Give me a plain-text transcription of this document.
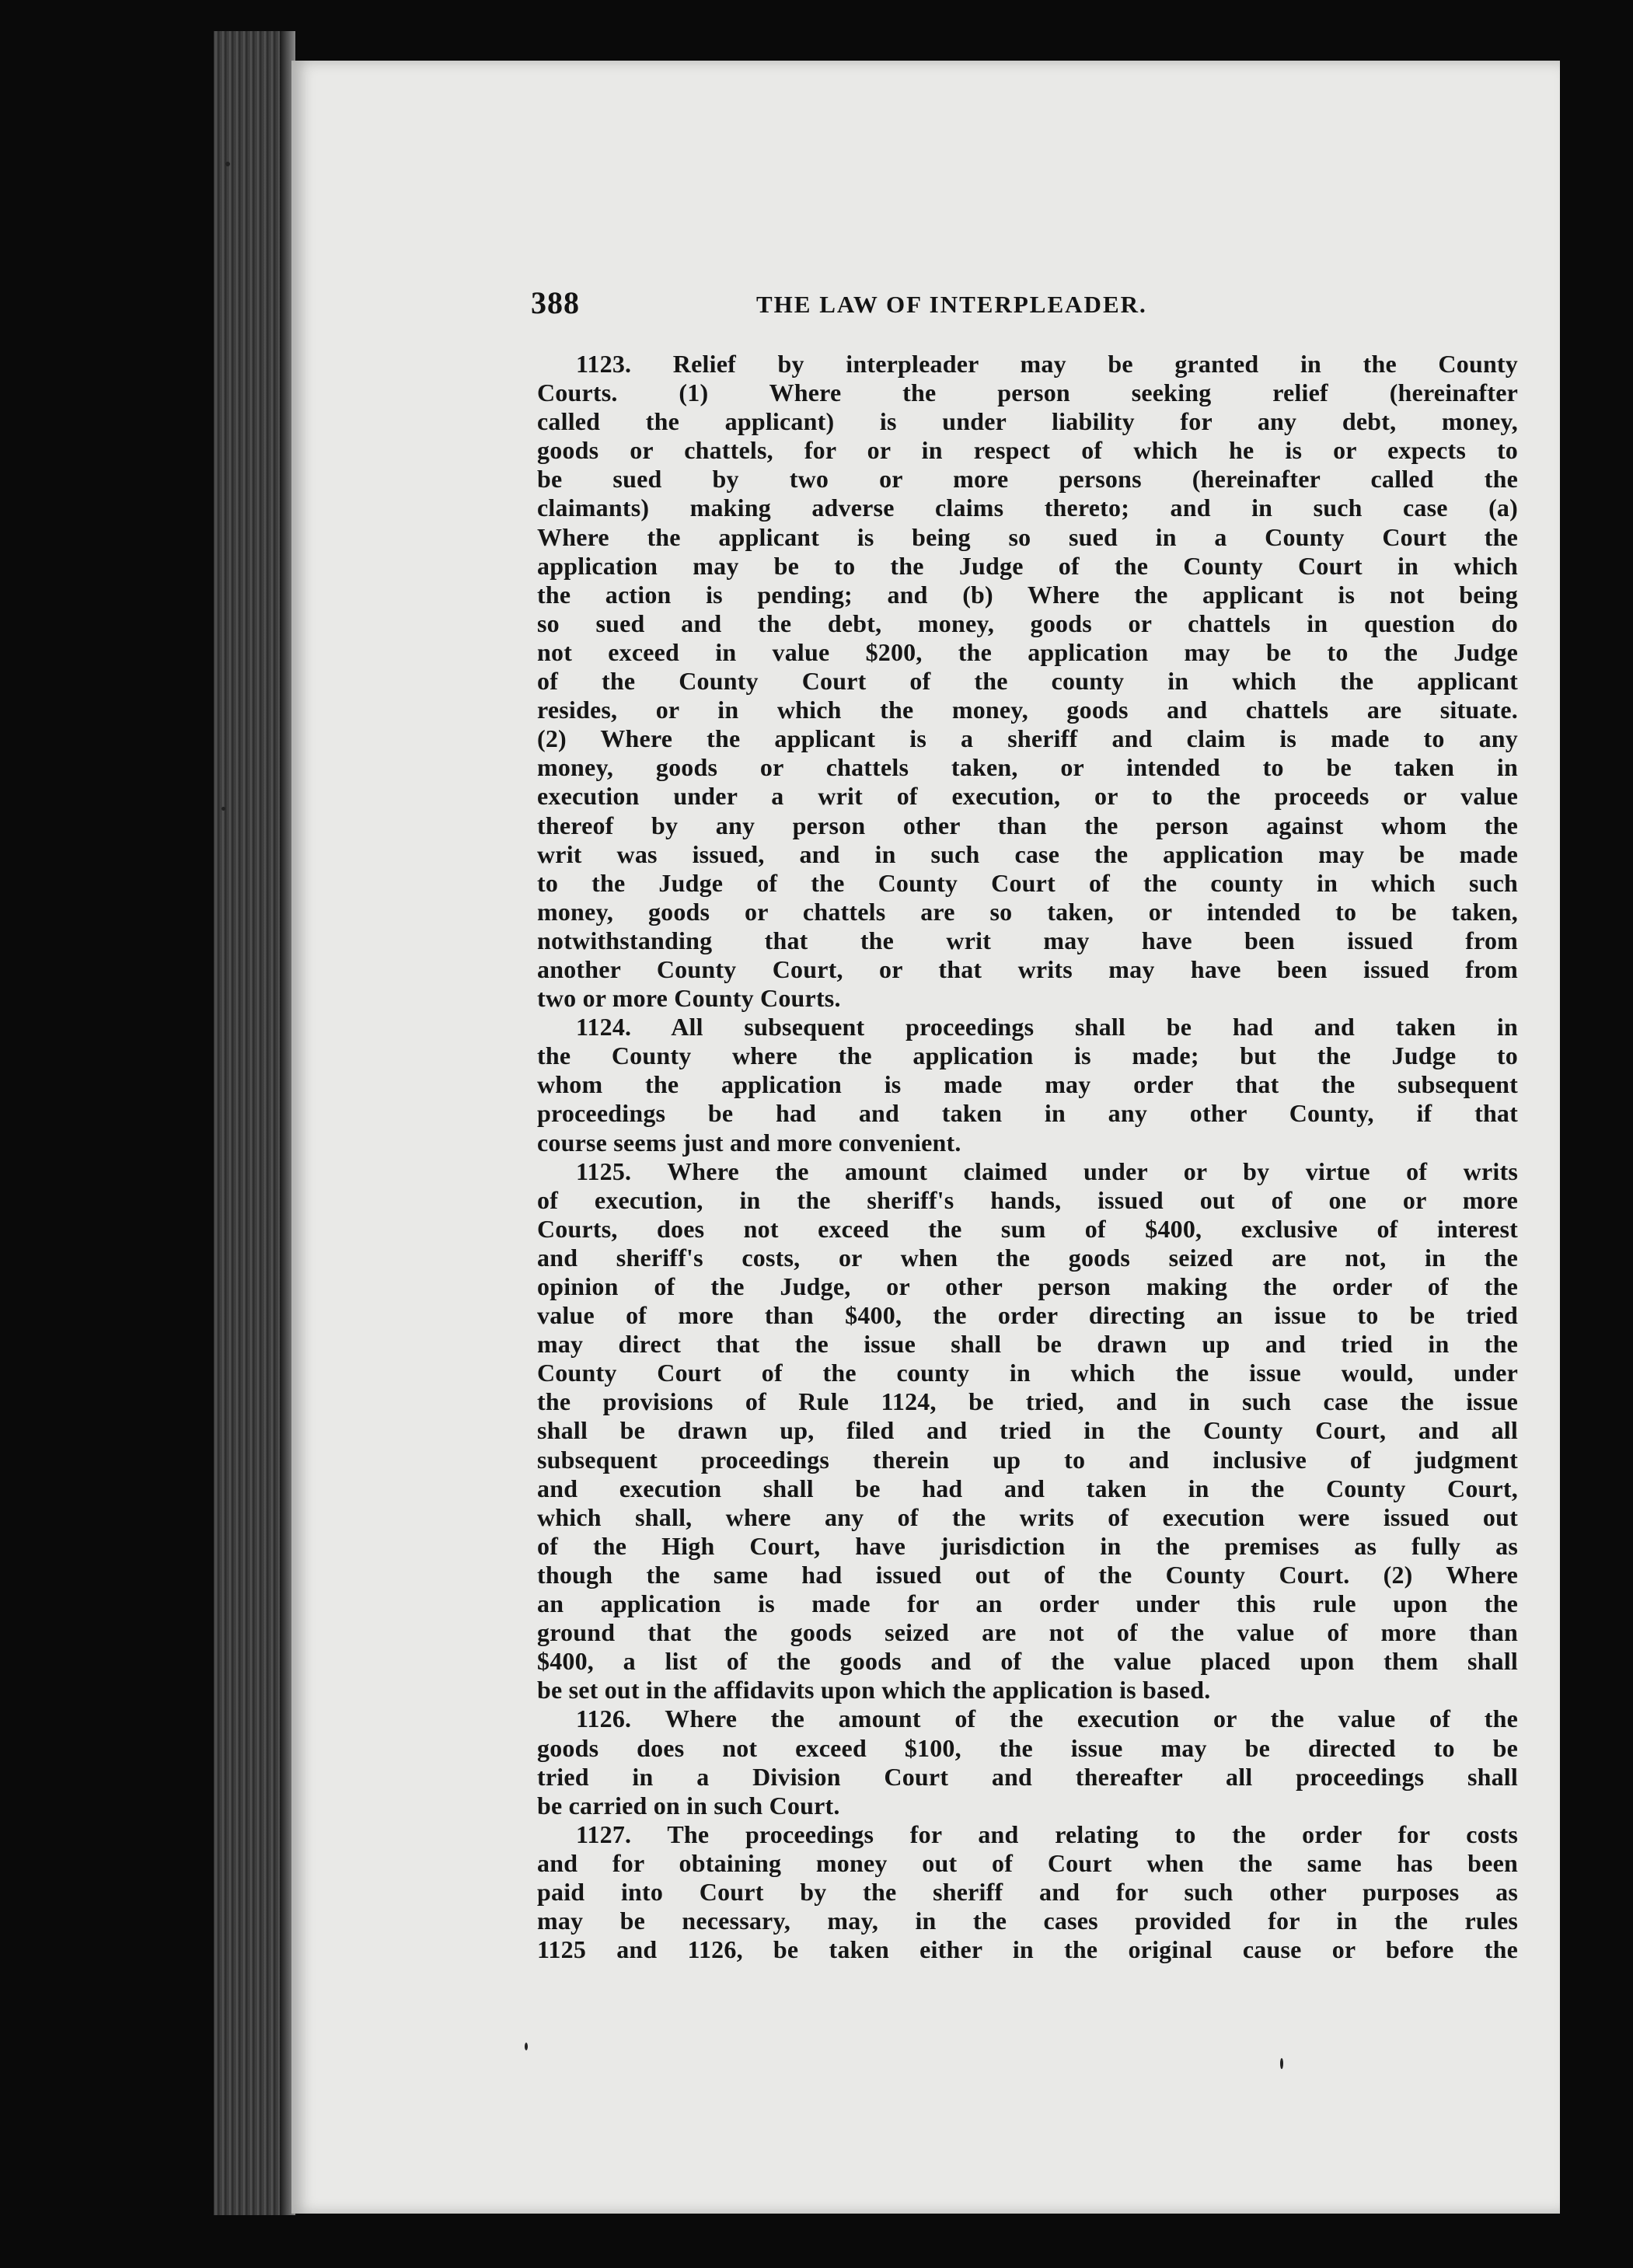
388	THE LAW OF INTERPLEADER.
1123. Relief by interpleader may be granted in the County
Courts. (1) Where the person seeking relief (hereinafter
called the applicant) is under liability for any debt, money,
goods or chattels, for or in respect of which he is or expects to
be sued by two or more persons (hereinafter called the
claimants) making adverse claims thereto; and in such case (a)
Where the applicant is being so sued in a County Court the
application may be to the Judge of the County Court in which
the action is pending; and (b) Where the applicant is not being
so sued and the debt, money, goods or chattels in question do
not exceed in value $200, the application may be to the Judge
of the County Court of the county in which the applicant
resides, or in which the money, goods and chattels are situate.
(2) Where the applicant is a sheriff and claim is made to any
money, goods or chattels taken, or intended to be taken in
execution under a writ of execution, or to the proceeds or value
thereof by any person other than the person against whom the
writ was issued, and in such case the application may be made
to the Judge of the County Court of the county in which such
money, goods or chattels are so taken, or intended to be taken,
notwithstanding that the writ may have been issued from
another County Court, or that writs may have been issued from
two or more County Courts.
1124. All subsequent proceedings shall be had and taken in
the County where the application is made; but the Judge to
whom the application is made may order that the subsequent
proceedings be had and taken in any other County, if that
course seems just and more convenient.
1125. Where the amount claimed under or by virtue of writs
of execution, in the sheriff's hands, issued out of one or more
Courts, does not exceed the sum of $400, exclusive of interest
and sheriff's costs, or when the goods seized are not, in the
opinion of the Judge, or other person making the order of the
value of more than $400, the order directing an issue to be tried
may direct that the issue shall be drawn up and tried in the
County Court of the county in which the issue would, under
the provisions of Rule 1124, be tried, and in such case the issue
shall be drawn up, filed and tried in the County Court, and all
subsequent proceedings therein up to and inclusive of judgment
and execution shall be had and taken in the County Court,
which shall, where any of the writs of execution were issued out
of the High Court, have jurisdiction in the premises as fully as
though the same had issued out of the County Court. (2) Where
an application is made for an order under this rule upon the
ground that the goods seized are not of the value of more than
$400, a list of the goods and of the value placed upon them shall
be set out in the affidavits upon which the application is based.
1126. Where the amount of the execution or the value of the
goods does not exceed $100, the issue may be directed to be
tried in a Division Court and thereafter all proceedings shall
be carried on in such Court.
1127. The proceedings for and relating to the order for costs
and for obtaining money out of Court when the same has been
paid into Court by the sheriff and for such other purposes as
may be necessary, may, in the cases provided for in the rules
1125 and 1126, be taken either in the original cause or before the
